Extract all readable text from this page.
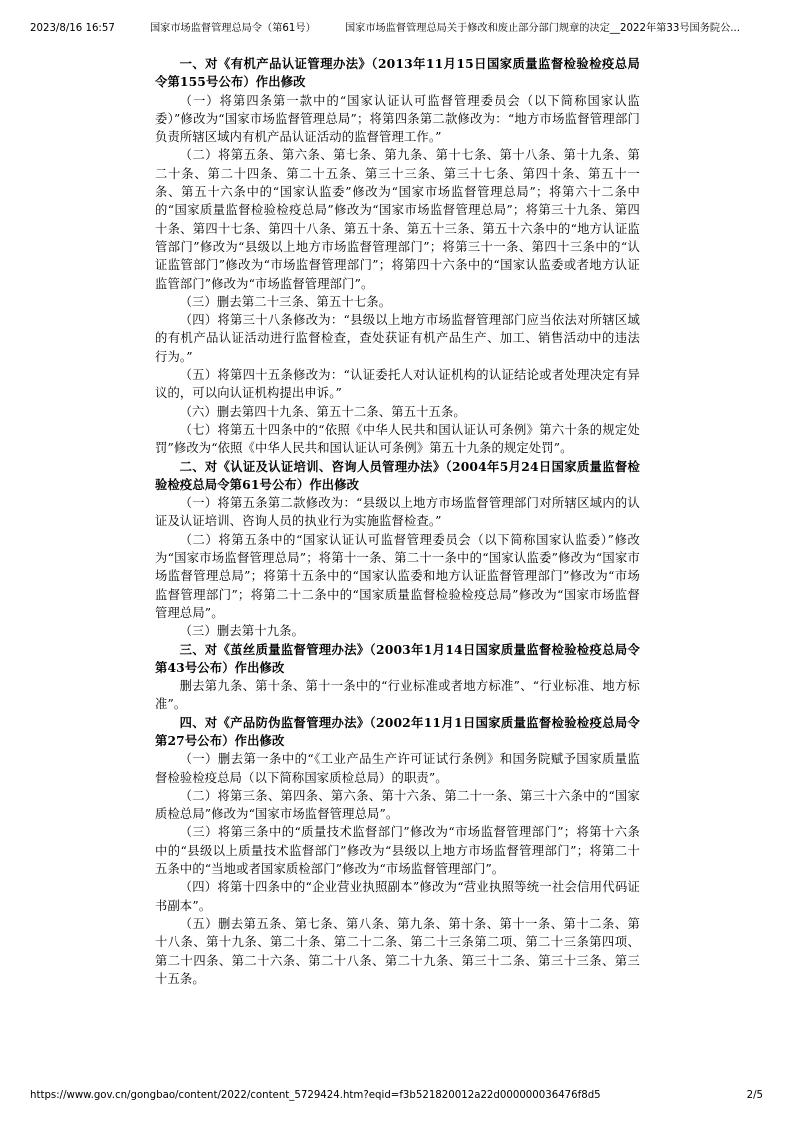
2023/8/16 16:57	国家市场监督管理总局令（第61号）	国家市场监督管理总局关于修改和废止部分部门规章的决定__2022年第33号国务院公...

一、对《有机产品认证管理办法》（2013年11月15日国家质量监督检验检疫总局令第155号公布）作出修改

（一）将第四条第一款中的“国家认证认可监督管理委员会（以下简称国家认监委）”修改为“国家市场监督管理总局”；将第四条第二款修改为：“地方市场监督管理部门负责所辖区域内有机产品认证活动的监督管理工作。”

（二）将第五条、第六条、第七条、第九条、第十七条、第十八条、第十九条、第二十条、第二十四条、第二十五条、第三十三条、第三十七条、第四十条、第五十一条、第五十六条中的“国家认监委”修改为“国家市场监督管理总局”；将第六十二条中的“国家质量监督检验检疫总局”修改为“国家市场监督管理总局”；将第三十九条、第四十条、第四十七条、第四十八条、第五十条、第五十三条、第五十六条中的“地方认证监管部门”修改为“县级以上地方市场监督管理部门”；将第三十一条、第四十三条中的“认证监管部门”修改为“市场监督管理部门”；将第四十六条中的“国家认监委或者地方认证监管部门”修改为“市场监督管理部门”。

（三）删去第二十三条、第五十七条。

（四）将第三十八条修改为：“县级以上地方市场监督管理部门应当依法对所辖区域的有机产品认证活动进行监督检查，查处获证有机产品生产、加工、销售活动中的违法行为。”

（五）将第四十五条修改为：“认证委托人对认证机构的认证结论或者处理决定有异议的，可以向认证机构提出申诉。”

（六）删去第四十九条、第五十二条、第五十五条。

（七）将第五十四条中的“依照《中华人民共和国认证认可条例》第六十条的规定处罚”修改为“依照《中华人民共和国认证认可条例》第五十九条的规定处罚”。

二、对《认证及认证培训、咨询人员管理办法》（2004年5月24日国家质量监督检验检疫总局令第61号公布）作出修改

（一）将第五条第二款修改为：“县级以上地方市场监督管理部门对所辖区域内的认证及认证培训、咨询人员的执业行为实施监督检查。”

（二）将第五条中的“国家认证认可监督管理委员会（以下简称国家认监委）”修改为“国家市场监督管理总局”；将第十一条、第二十一条中的“国家认监委”修改为“国家市场监督管理总局”；将第十五条中的“国家认监委和地方认证监督管理部门”修改为“市场监督管理部门”；将第二十二条中的“国家质量监督检验检疫总局”修改为“国家市场监督管理总局”。

（三）删去第十九条。

三、对《茧丝质量监督管理办法》（2003年1月14日国家质量监督检验检疫总局令第43号公布）作出修改

删去第九条、第十条、第十一条中的“行业标准或者地方标准”、“行业标准、地方标准”。

四、对《产品防伪监督管理办法》（2002年11月1日国家质量监督检验检疫总局令第27号公布）作出修改

（一）删去第一条中的“《工业产品生产许可证试行条例》和国务院赋予国家质量监督检验检疫总局（以下简称国家质检总局）的职责”。

（二）将第三条、第四条、第六条、第十六条、第二十一条、第三十六条中的“国家质检总局”修改为“国家市场监督管理总局”。

（三）将第三条中的“质量技术监督部门”修改为“市场监督管理部门”；将第十六条中的“县级以上质量技术监督部门”修改为“县级以上地方市场监督管理部门”；将第二十五条中的“当地或者国家质检部门”修改为“市场监督管理部门”。

（四）将第十四条中的“企业营业执照副本”修改为“营业执照等统一社会信用代码证书副本”。

（五）删去第五条、第七条、第八条、第九条、第十条、第十一条、第十二条、第十八条、第十九条、第二十条、第二十二条、第二十三条第二项、第二十三条第四项、第二十四条、第二十六条、第二十八条、第二十九条、第三十二条、第三十三条、第三十五条。

https://www.gov.cn/gongbao/content/2022/content_5729424.htm?eqid=f3b521820012a22d000000036476f8d5	2/5
